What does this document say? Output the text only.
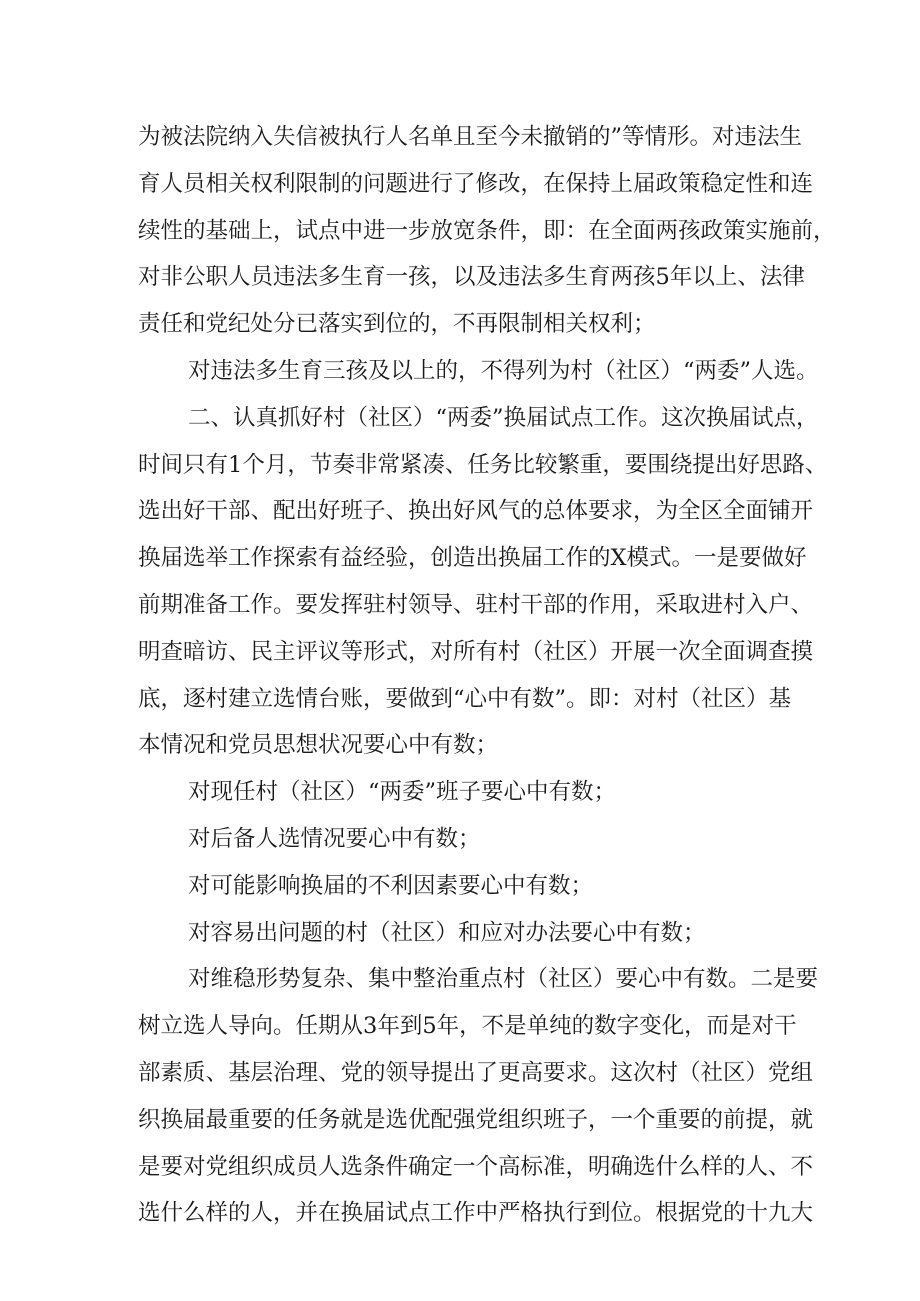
为被法院纳入失信被执行人名单且至今未撤销的”等情形。对违法生
育人员相关权利限制的问题进行了修改，在保持上届政策稳定性和连
续性的基础上，试点中进一步放宽条件，即：在全面两孩政策实施前，
对非公职人员违法多生育一孩，以及违法多生育两孩5年以上、法律
责任和党纪处分已落实到位的，不再限制相关权利；
对违法多生育三孩及以上的，不得列为村（社区）“两委”人选。
二、认真抓好村（社区）“两委”换届试点工作。这次换届试点，
时间只有1个月，节奏非常紧凑、任务比较繁重，要围绕提出好思路、
选出好干部、配出好班子、换出好风气的总体要求，为全区全面铺开
换届选举工作探索有益经验，创造出换届工作的X模式。一是要做好
前期准备工作。要发挥驻村领导、驻村干部的作用，采取进村入户、
明查暗访、民主评议等形式，对所有村（社区）开展一次全面调查摸
底，逐村建立选情台账，要做到“心中有数”。即：对村（社区）基
本情况和党员思想状况要心中有数；
对现任村（社区）“两委”班子要心中有数；
对后备人选情况要心中有数；
对可能影响换届的不利因素要心中有数；
对容易出问题的村（社区）和应对办法要心中有数；
对维稳形势复杂、集中整治重点村（社区）要心中有数。二是要
树立选人导向。任期从3年到5年，不是单纯的数字变化，而是对干
部素质、基层治理、党的领导提出了更高要求。这次村（社区）党组
织换届最重要的任务就是选优配强党组织班子，一个重要的前提，就
是要对党组织成员人选条件确定一个高标准，明确选什么样的人、不
选什么样的人，并在换届试点工作中严格执行到位。根据党的十九大
